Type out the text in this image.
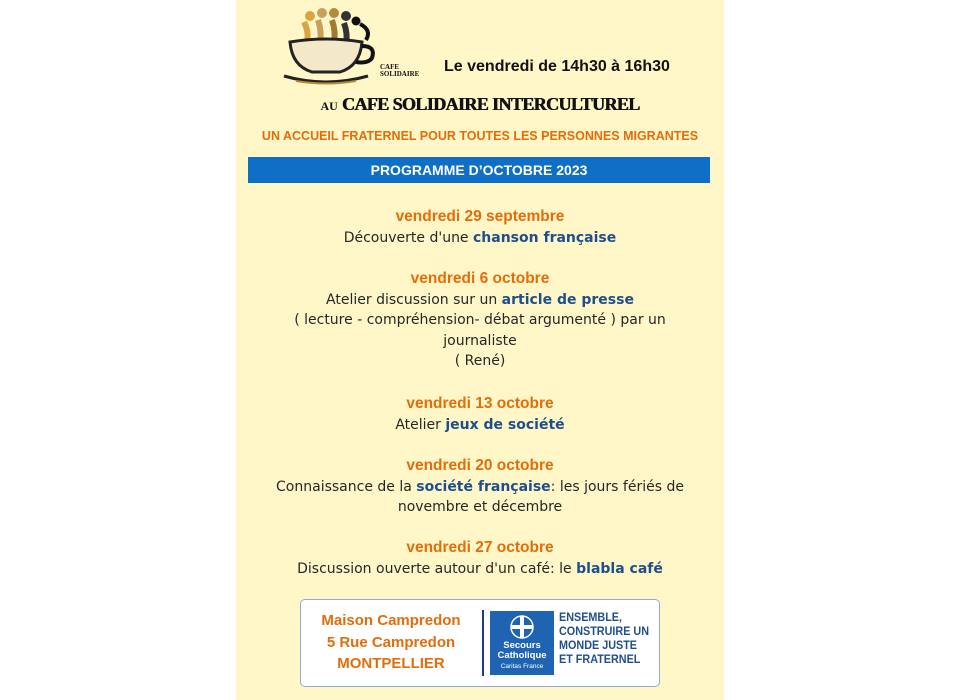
CAFE
SOLIDAIRE	Le vendredi de 14h30 à 16h30
AU CAFE SOLIDAIRE INTERCULTUREL
UN ACCUEIL FRATERNEL POUR TOUTES LES PERSONNES MIGRANTES
PROGRAMME D’OCTOBRE 2023
vendredi 29 septembre
Découverte d'une chanson française
vendredi 6 octobre
Atelier discussion sur un article de presse
( lecture - compréhension- débat argumenté ) par un journaliste
( René)
vendredi 13 octobre
Atelier jeux de société
vendredi 20 octobre
Connaissance de la société française: les jours fériés de novembre et décembre
vendredi 27 octobre
Discussion ouverte autour d'un café: le blabla café
Maison Campredon
5 Rue Campredon
MONTPELLIER
Secours
Catholique
Caritas France
ENSEMBLE, CONSTRUIRE UN MONDE JUSTE ET FRATERNEL
